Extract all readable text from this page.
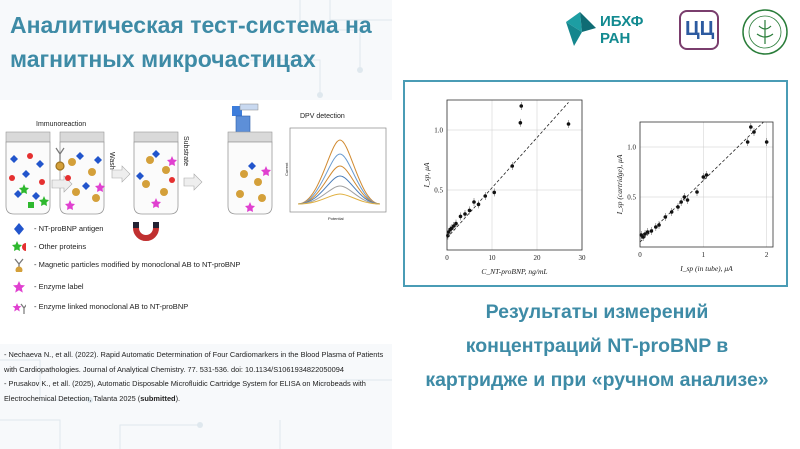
Аналитическая тест-система на магнитных микрочастицах
Immunoreaction
Wash	Substrate
DPV detection
Potential
Current
- NT-proBNP antigen
- Other proteins
- Magnetic particles modified by monoclonal AB to NT-proBNP
- Enzyme label
- Enzyme linked monoclonal AB to NT-proBNP

- Nechaeva N., et all. (2022). Rapid Automatic Determination of Four Cardiomarkers in the Blood Plasma of Patients with Cardiopathologies. Journal of Analytical Chemistry. 77. 531-536. doi: 10.1134/S1061934822050094

- Prusakov K., et all. (2025), Automatic Disposable Microfluidic Cartridge System for ELISA on Microbeads with Electrochemical Detection, Talanta 2025 (submitted).

ИБХФ
РАН	ЦЦ
0	10	20	30
0.5
1.0
C_NT-proBNP, ng/mL
I_sp, μA
0	1	2
0.5
1.0
I_sp (in tube), μA
I_sp (cartridge), μA
Результаты измерений концентраций NT-proBNP в картридже и при «ручном анализе»
